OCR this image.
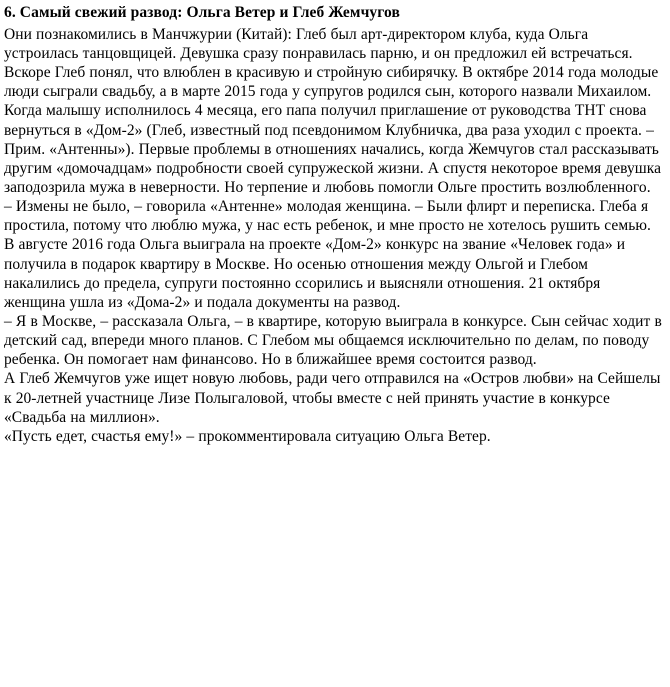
6. Самый свежий развод: Ольга Ветер и Глеб Жемчугов

Они познакомились в Манчжурии (Китай): Глеб был арт-директором клуба, куда Ольга устроилась танцовщицей. Девушка сразу понравилась парню, и он предложил ей встречаться. Вскоре Глеб понял, что влюблен в красивую и стройную сибирячку. В октябре 2014 года молодые люди сыграли свадьбу, а в марте 2015 года у супругов родился сын, которого назвали Михаилом. Когда малышу исполнилось 4 месяца, его папа получил приглашение от руководства ТНТ снова вернуться в «Дом-2» (Глеб, известный под псевдонимом Клубничка, два раза уходил с проекта. – Прим. «Антенны»). Первые проблемы в отношениях начались, когда Жемчугов стал рассказывать другим «домочадцам» подробности своей супружеской жизни. А спустя некоторое время девушка заподозрила мужа в неверности. Но терпение и любовь помогли Ольге простить возлюбленного.

– Измены не было, – говорила «Антенне» молодая женщина. – Были флирт и переписка. Глеба я простила, потому что люблю мужа, у нас есть ребенок, и мне просто не хотелось рушить семью.

В августе 2016 года Ольга выиграла на проекте «Дом-2» конкурс на звание «Человек года» и получила в подарок квартиру в Москве. Но осенью отношения между Ольгой и Глебом накалились до предела, супруги постоянно ссорились и выясняли отношения. 21 октября женщина ушла из «Дома-2» и подала документы на развод.

– Я в Москве, – рассказала Ольга, – в квартире, которую выиграла в конкурсе. Сын сейчас ходит в детский сад, впереди много планов. С Глебом мы общаемся исключительно по делам, по поводу ребенка. Он помогает нам финансово. Но в ближайшее время состоится развод.

А Глеб Жемчугов уже ищет новую любовь, ради чего отправился на «Остров любви» на Сейшелы к 20-летней участнице Лизе Полыгаловой, чтобы вместе с ней принять участие в конкурсе «Свадьба на миллион».

«Пусть едет, счастья ему!» – прокомментировала ситуацию Ольга Ветер.
